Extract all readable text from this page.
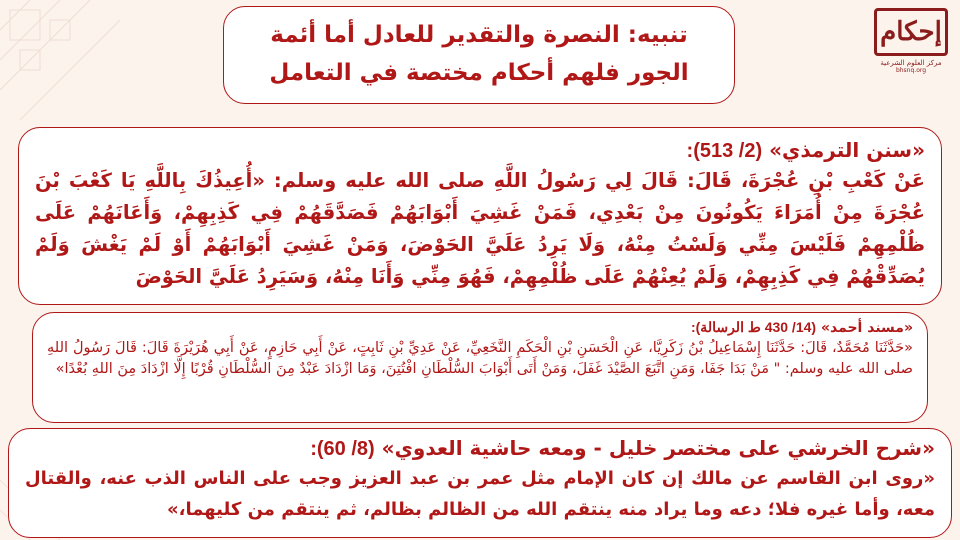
إحكام
مركز العلوم الشرعية
bhsnq.org
تنبيه: النصرة والتقدير للعادل أما أئمة
الجور فلهم أحكام مختصة في التعامل
«سنن الترمذي» (2/ 513):
عَنْ كَعْبِ بْنِ عُجْرَةَ، قَالَ: قَالَ لِي رَسُولُ اللَّهِ صلى الله عليه وسلم: «أُعِيذُكَ بِاللَّهِ يَا كَعْبَ بْنَ عُجْرَةَ مِنْ أُمَرَاءَ يَكُونُونَ مِنْ بَعْدِي، فَمَنْ غَشِيَ أَبْوَابَهُمْ فَصَدَّقَهُمْ فِي كَذِبِهِمْ، وَأَعَانَهُمْ عَلَى ظُلْمِهِمْ فَلَيْسَ مِنِّي وَلَسْتُ مِنْهُ، وَلَا يَرِدُ عَلَيَّ الحَوْضَ، وَمَنْ غَشِيَ أَبْوَابَهُمْ أَوْ لَمْ يَغْشَ وَلَمْ يُصَدِّقْهُمْ فِي كَذِبِهِمْ، وَلَمْ يُعِنْهُمْ عَلَى ظُلْمِهِمْ، فَهُوَ مِنِّي وَأَنَا مِنْهُ، وَسَيَرِدُ عَلَيَّ الحَوْضَ
«مسند أحمد» (14/ 430 ط الرسالة):
«حَدَّثَنَا مُحَمَّدٌ، قَالَ: حَدَّثَنَا إِسْمَاعِيلُ بْنُ زَكَرِيَّا، عَنِ الْحَسَنِ بْنِ الْحَكَمِ النَّخَعِيِّ، عَنْ عَدِيِّ بْنِ ثَابِتٍ، عَنْ أَبِي حَازِمٍ، عَنْ أَبِي هُرَيْرَةَ قَالَ: قَالَ رَسُولُ اللهِ صلى الله عليه وسلم: " مَنْ بَدَا جَفَا، وَمَنِ اتَّبَعَ الصَّيْدَ غَفَلَ، وَمَنْ أَتَى أَبْوَابَ السُّلْطَانِ افْتُتِنَ، وَمَا ازْدَادَ عَبْدٌ مِنَ السُّلْطَانِ قُرْبًا إِلَّا ازْدَادَ مِنَ اللهِ بُعْدًا»
«شرح الخرشي على مختصر خليل - ومعه حاشية العدوي» (8/ 60):
«روى ابن القاسم عن مالك إن كان الإمام مثل عمر بن عبد العزيز وجب على الناس الذب عنه، والقتال معه، وأما غيره فلا؛ دعه وما يراد منه ينتقم الله من الظالم بظالم، ثم ينتقم من كليهما،»
